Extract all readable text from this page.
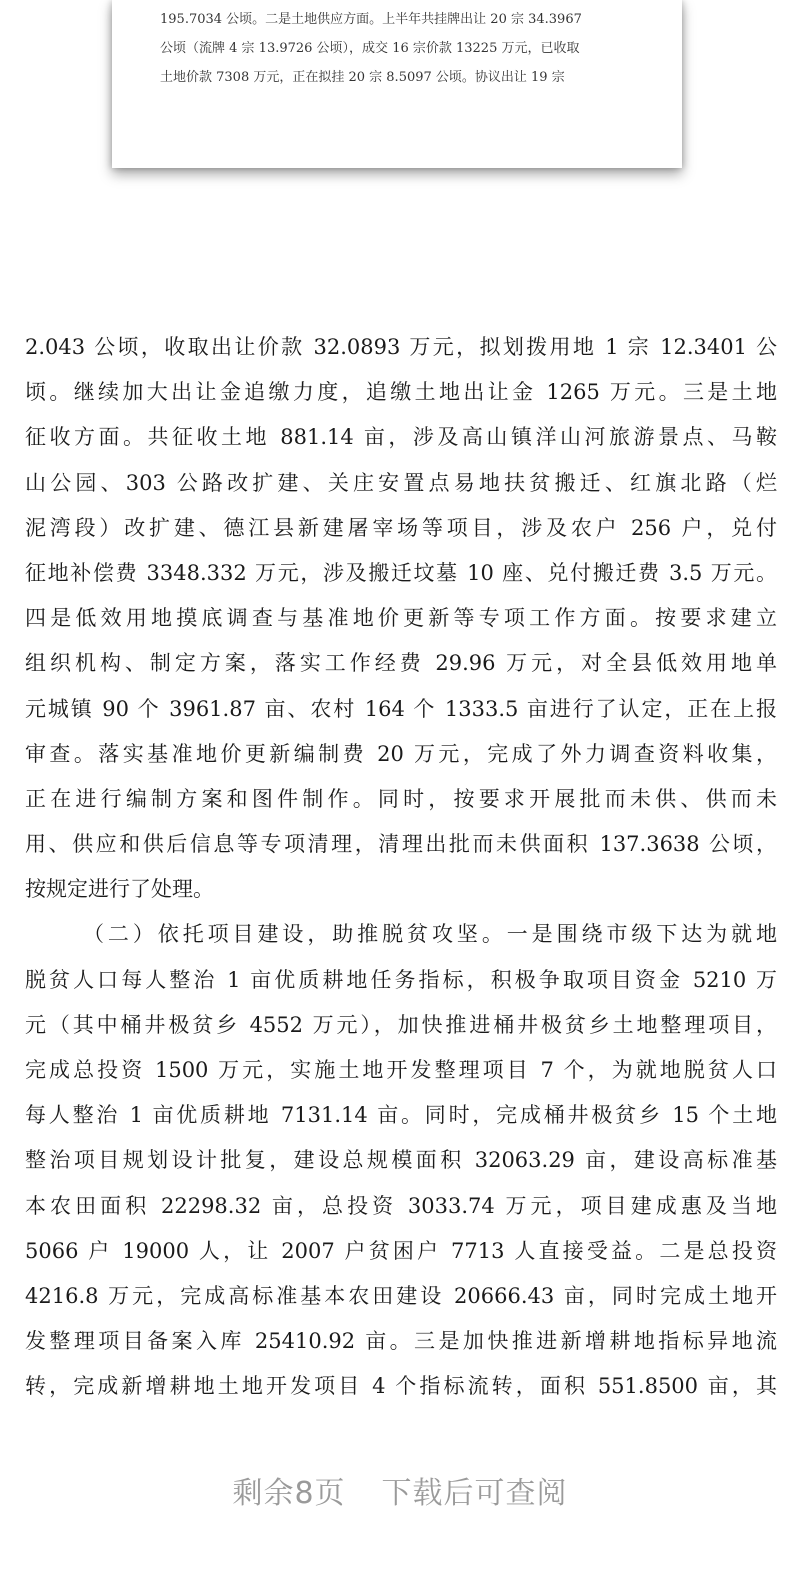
195.7034 公顷。二是土地供应方面。上半年共挂牌出让 20 宗 34.3967
公顷（流牌 4 宗 13.9726 公顷），成交 16 宗价款 13225 万元，已收取
土地价款 7308 万元，正在拟挂 20 宗 8.5097 公顷。协议出让 19 宗
2.043 公顷，收取出让价款 32.0893 万元，拟划拨用地 1 宗 12.3401 公
顷。继续加大出让金追缴力度，追缴土地出让金 1265 万元。三是土地
征收方面。共征收土地 881.14 亩，涉及高山镇洋山河旅游景点、马鞍
山公园、303 公路改扩建、关庄安置点易地扶贫搬迁、红旗北路（烂
泥湾段）改扩建、德江县新建屠宰场等项目，涉及农户 256 户，兑付
征地补偿费 3348.332 万元，涉及搬迁坟墓 10 座、兑付搬迁费 3.5 万元。
四是低效用地摸底调查与基准地价更新等专项工作方面。按要求建立
组织机构、制定方案，落实工作经费 29.96 万元，对全县低效用地单
元城镇 90 个 3961.87 亩、农村 164 个 1333.5 亩进行了认定，正在上报
审查。落实基准地价更新编制费 20 万元，完成了外力调查资料收集，
正在进行编制方案和图件制作。同时，按要求开展批而未供、供而未
用、供应和供后信息等专项清理，清理出批而未供面积 137.3638 公顷，
按规定进行了处理。
（二）依托项目建设，助推脱贫攻坚。一是围绕市级下达为就地
脱贫人口每人整治 1 亩优质耕地任务指标，积极争取项目资金 5210 万
元（其中桶井极贫乡 4552 万元），加快推进桶井极贫乡土地整理项目，
完成总投资 1500 万元，实施土地开发整理项目 7 个，为就地脱贫人口
每人整治 1 亩优质耕地 7131.14 亩。同时，完成桶井极贫乡 15 个土地
整治项目规划设计批复，建设总规模面积 32063.29 亩，建设高标准基
本农田面积 22298.32 亩，总投资 3033.74 万元，项目建成惠及当地
5066 户 19000 人，让 2007 户贫困户 7713 人直接受益。二是总投资
4216.8 万元，完成高标准基本农田建设 20666.43 亩，同时完成土地开
发整理项目备案入库 25410.92 亩。三是加快推进新增耕地指标异地流
转，完成新增耕地土地开发项目 4 个指标流转，面积 551.8500 亩，其
剩余8页 下载后可查阅
